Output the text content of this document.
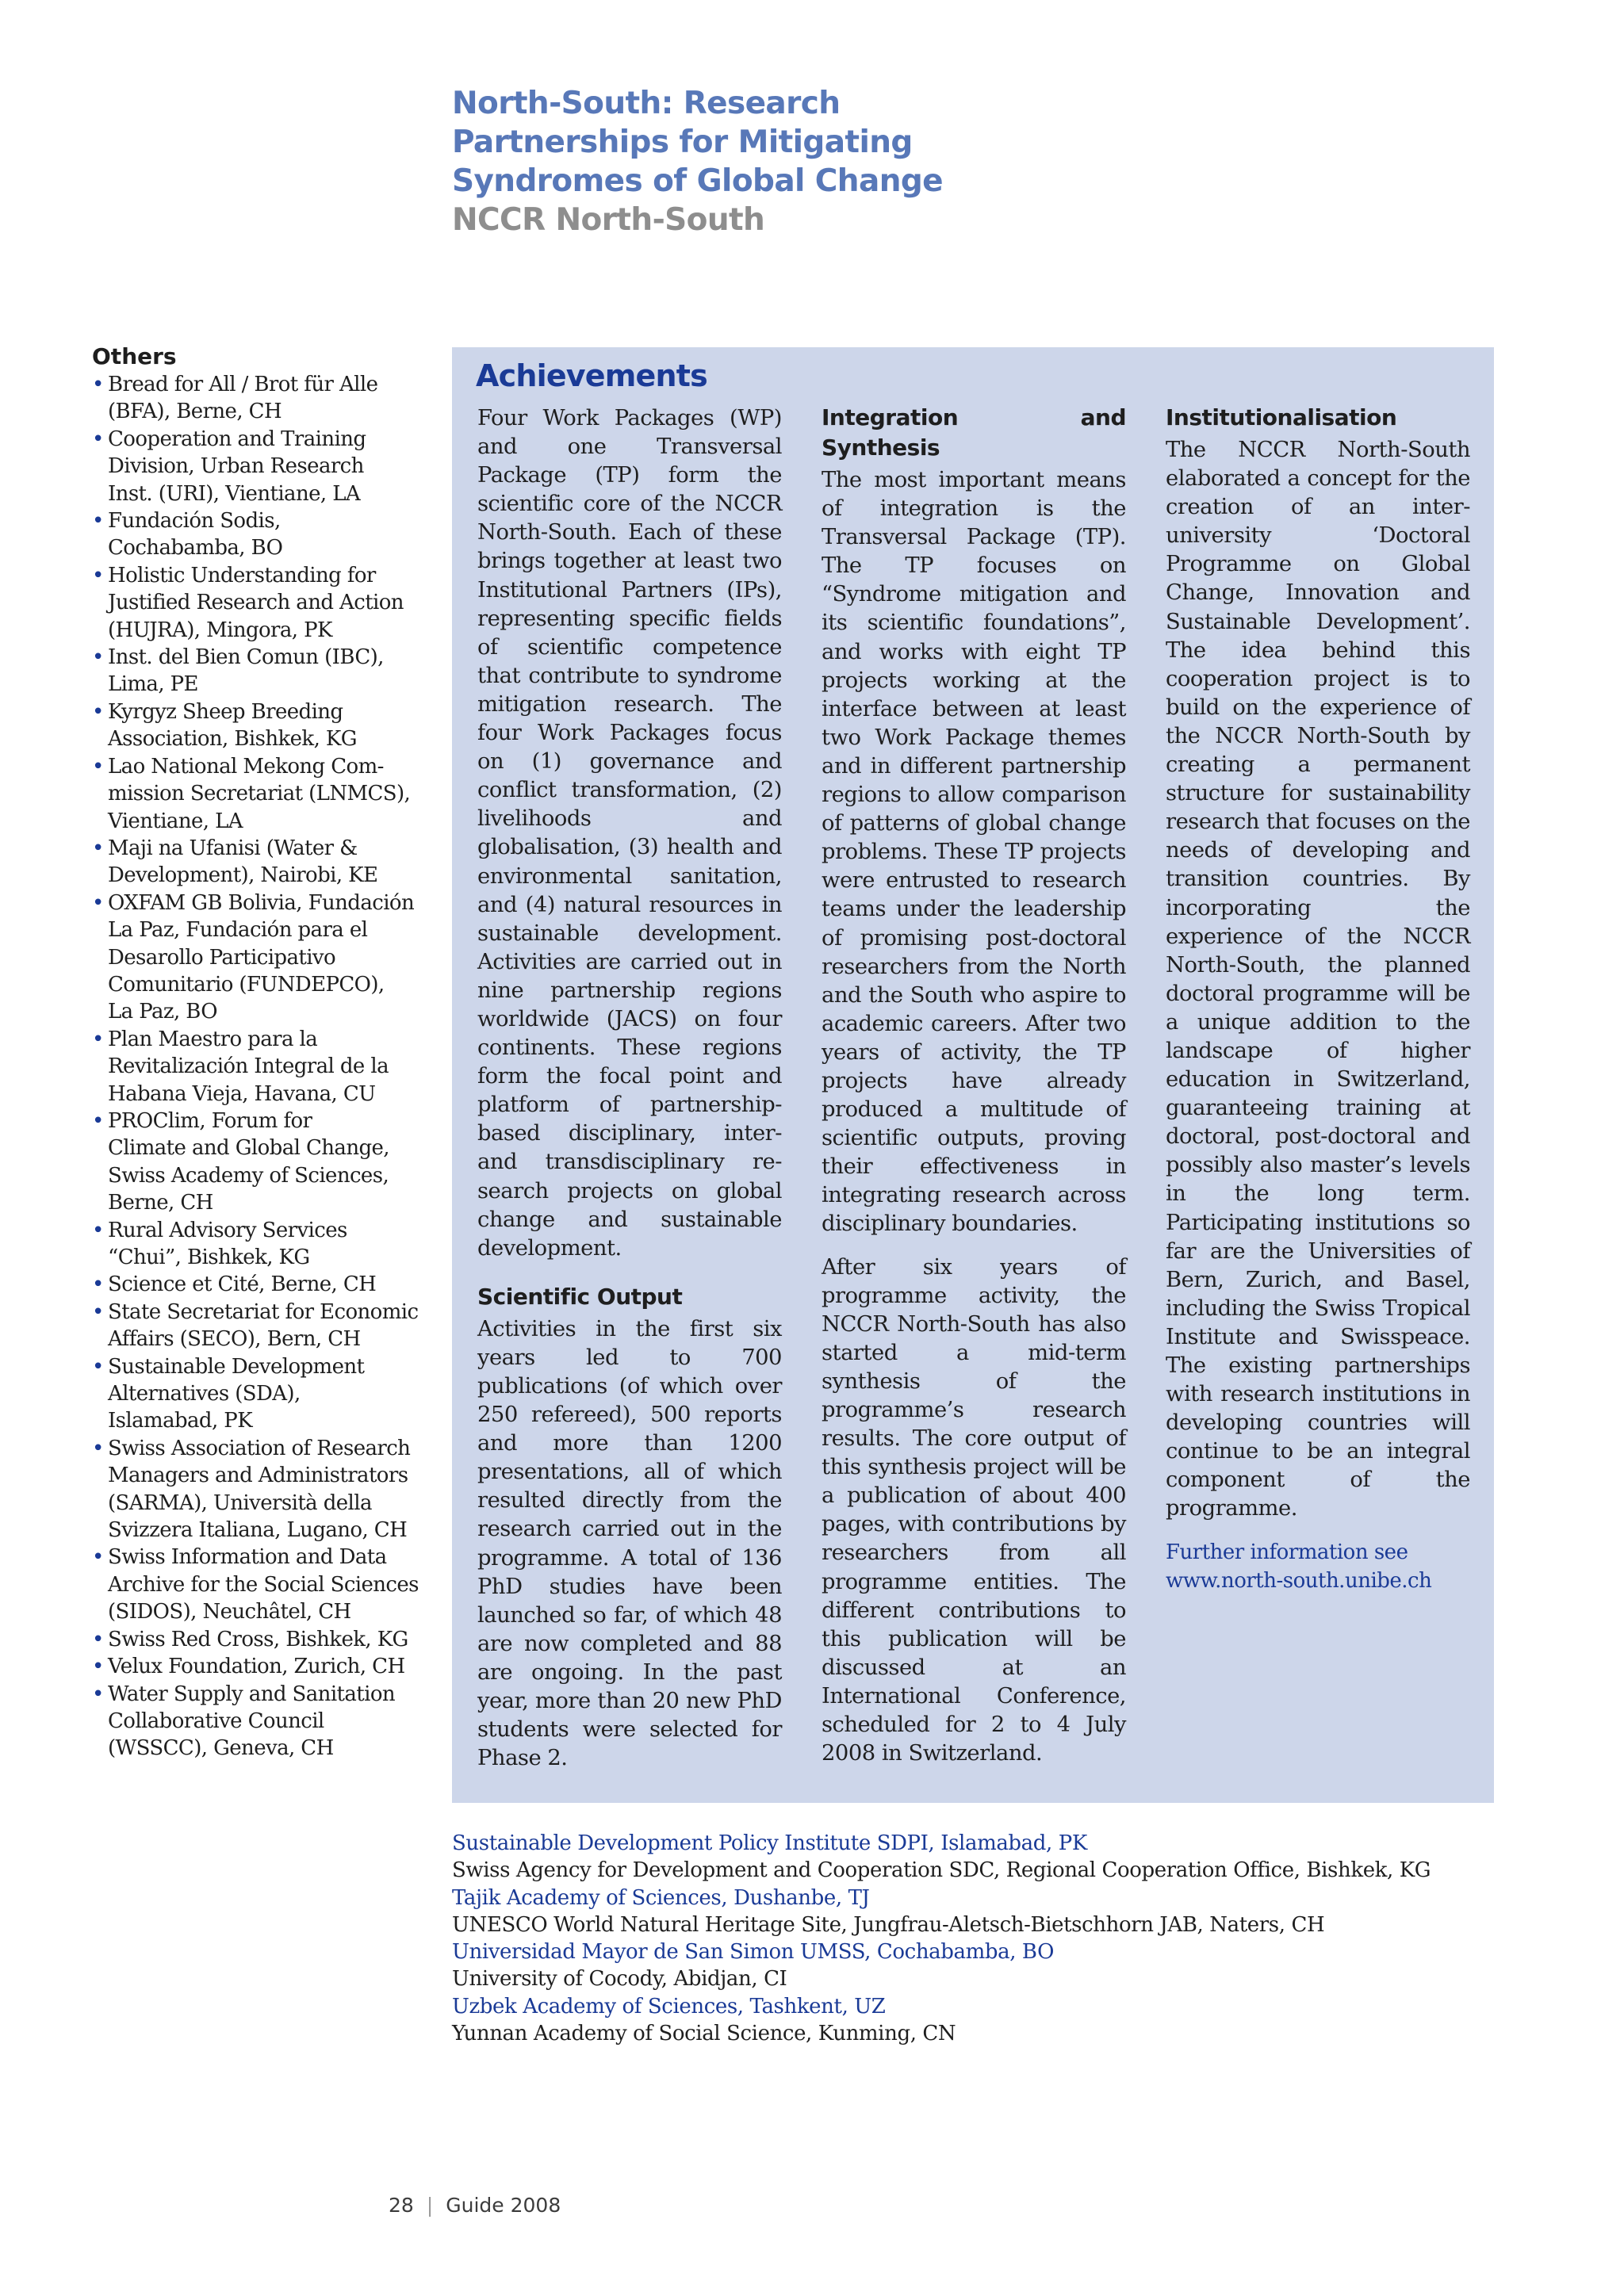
North-South: Research
Partnerships for Mitigating
Syndromes of Global Change
NCCR North-South
Others
• Bread for All / Brot für Alle
(BFA), Berne, CH
• Cooperation and Training
Division, Urban Research
Inst. (URI), Vientiane, LA
• Fundación Sodis,
Cochabamba, BO
• Holistic Understanding for
Justified Research and Action
(HUJRA), Mingora, PK
• Inst. del Bien Comun (IBC),
Lima, PE
• Kyrgyz Sheep Breeding
Association, Bishkek, KG
• Lao National Mekong Com-
mission Secretariat (LNMCS),
Vientiane, LA
• Maji na Ufanisi (Water &
Development), Nairobi, KE
• OXFAM GB Bolivia, Fundación
La Paz, Fundación para el
Desarollo Participativo
Comunitario (FUNDEPCO),
La Paz, BO
• Plan Maestro para la
Revitalización Integral de la
Habana Vieja, Havana, CU
• PROClim, Forum for
Climate and Global Change,
Swiss Academy of Sciences,
Berne, CH
• Rural Advisory Services
“Chui”, Bishkek, KG
• Science et Cité, Berne, CH
• State Secretariat for Economic
Affairs (SECO), Bern, CH
• Sustainable Development
Alternatives (SDA),
Islamabad, PK
• Swiss Association of Research
Managers and Administrators
(SARMA), Università della
Svizzera Italiana, Lugano, CH
• Swiss Information and Data
Archive for the Social Sciences
(SIDOS), Neuchâtel, CH
• Swiss Red Cross, Bishkek, KG
• Velux Foundation, Zurich, CH
• Water Supply and Sanitation
Collaborative Council
(WSSCC), Geneva, CH
Achievements

Four Work Packages (WP) and one Transversal Package (TP) form the scientific core of the NCCR North-South. Each of these brings together at least two Institutional Partners (IPs), representing specific fields of scientific competence that contribute to syndrome mitigation research. The four Work Packages focus on (1) governance and conflict transformation, (2) livelihoods and globalisation, (3) health and environmental sanitation, and (4) natural resources in sustainable development. Activities are carried out in nine partnership regions worldwide (JACS) on four continents. These regions form the focal point and platform of partnership-based disciplinary, inter- and transdisciplinary re-search projects on global change and sustainable development.

Scientific Output

Activities in the first six years led to 700 publications (of which over 250 refereed), 500 reports and more than 1200 presentations, all of which resulted directly from the research carried out in the programme. A total of 136 PhD studies have been launched so far, of which 48 are now completed and 88 are ongoing. In the past year, more than 20 new PhD students were selected for Phase 2.

Integration and Synthesis

The most important means of integration is the Transversal Package (TP). The TP focuses on “Syndrome mitigation and its scientific foundations”, and works with eight TP projects working at the interface between at least two Work Package themes and in different partnership regions to allow comparison of patterns of global change problems. These TP projects were entrusted to research teams under the leadership of promising post-doctoral researchers from the North and the South who aspire to academic careers. After two years of activity, the TP projects have already produced a multitude of scientific outputs, proving their effectiveness in integrating research across disciplinary boundaries.

After six years of programme activity, the NCCR North-South has also started a mid-term synthesis of the programme’s research results. The core output of this synthesis project will be a publication of about 400 pages, with contributions by researchers from all programme entities. The different contributions to this publication will be discussed at an International Conference, scheduled for 2 to 4 July 2008 in Switzerland.

Institutionalisation

The NCCR North-South elaborated a concept for the creation of an inter-university ‘Doctoral Programme on Global Change, Innovation and Sustainable Development’. The idea behind this cooperation project is to build on the experience of the NCCR North-South by creating a permanent structure for sustainability research that focuses on the needs of developing and transition countries. By incorporating the experience of the NCCR North-South, the planned doctoral programme will be a unique addition to the landscape of higher education in Switzerland, guaranteeing training at doctoral, post-doctoral and possibly also master’s levels in the long term. Participating institutions so far are the Universities of Bern, Zurich, and Basel, including the Swiss Tropical Institute and Swisspeace. The existing partnerships with research institutions in developing countries will continue to be an integral component of the programme.

Further information see
www.north-south.unibe.ch

Sustainable Development Policy Institute SDPI, Islamabad, PK
Swiss Agency for Development and Cooperation SDC, Regional Cooperation Office, Bishkek, KG
Tajik Academy of Sciences, Dushanbe, TJ
UNESCO World Natural Heritage Site, Jungfrau-Aletsch-Bietschhorn JAB, Naters, CH
Universidad Mayor de San Simon UMSS, Cochabamba, BO
University of Cocody, Abidjan, CI
Uzbek Academy of Sciences, Tashkent, UZ
Yunnan Academy of Social Science, Kunming, CN
28 | Guide 2008
